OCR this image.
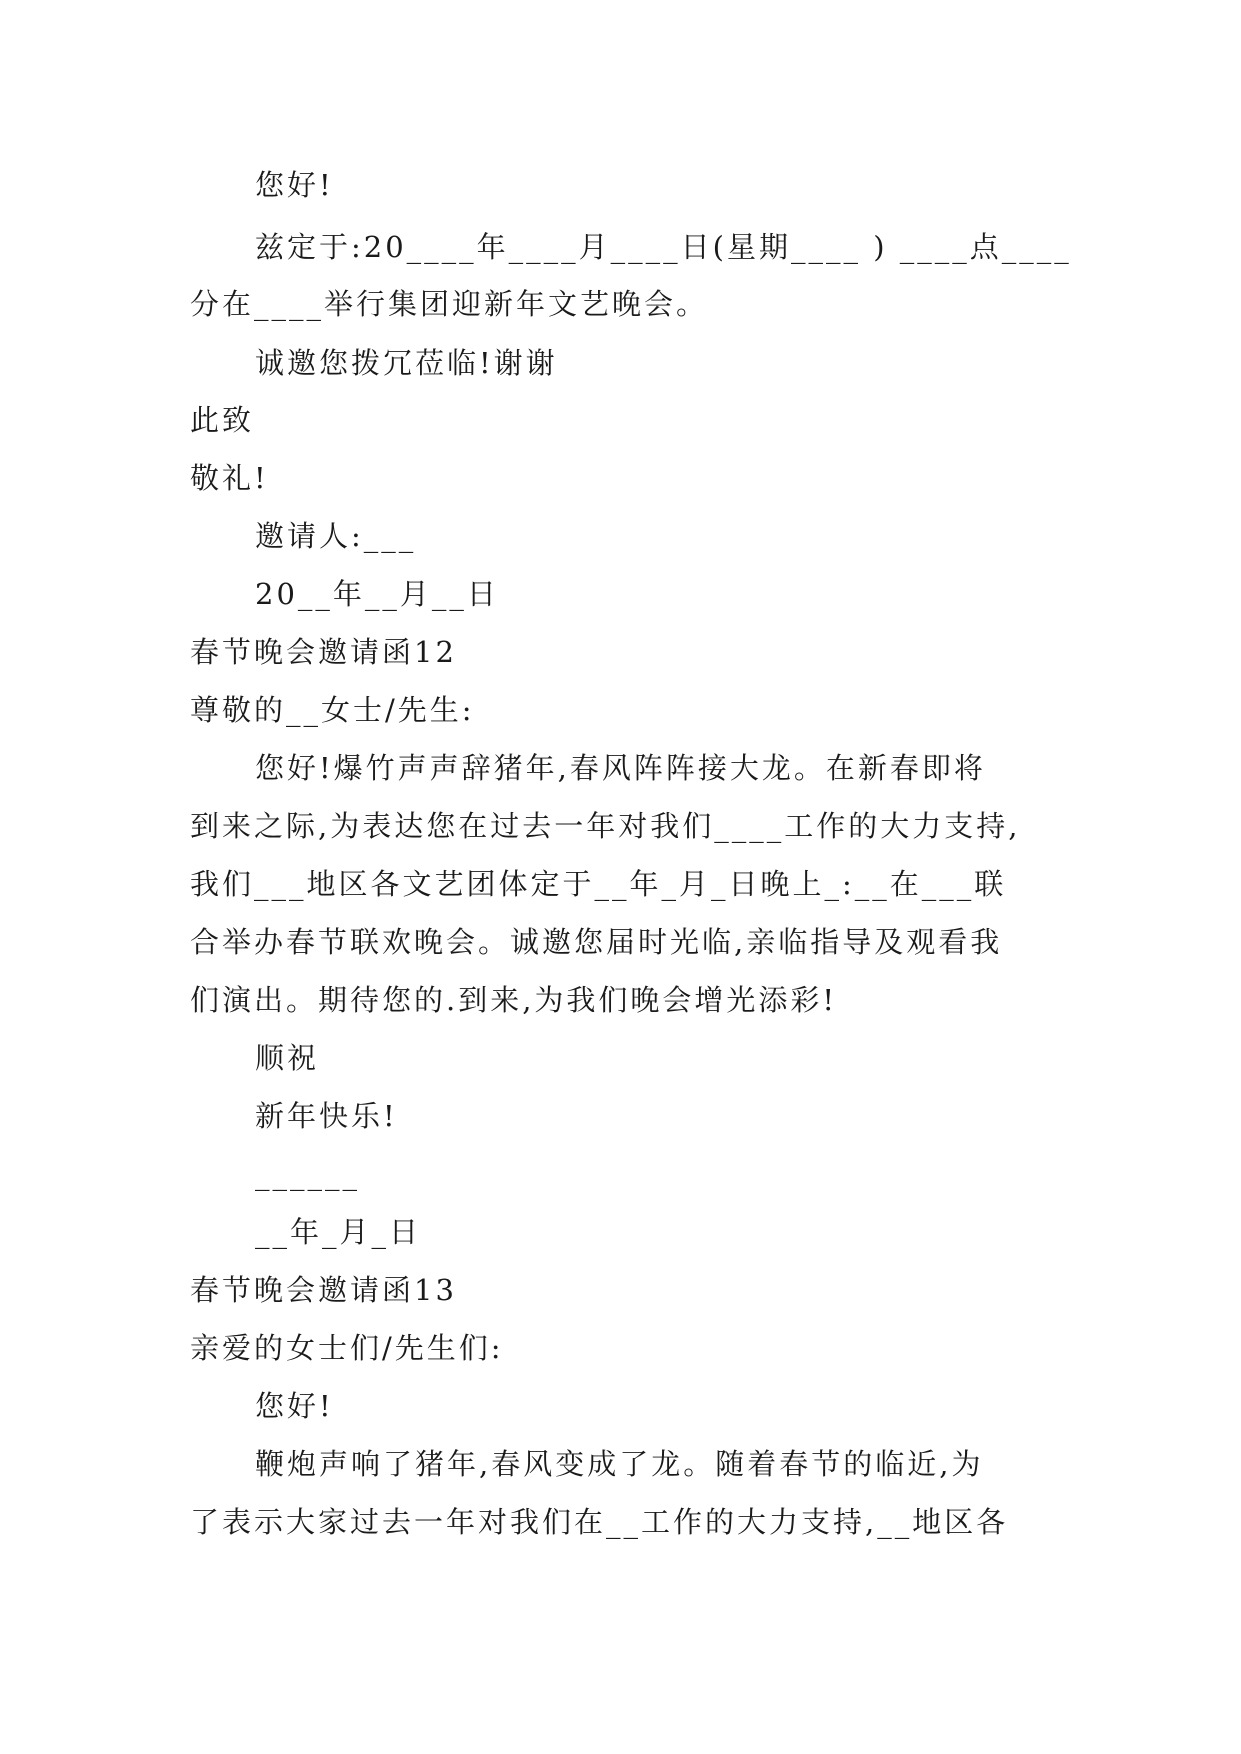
您好!
兹定于:20____年____月____日(星期____ ) ____点____
分在____举行集团迎新年文艺晚会。
诚邀您拨冗莅临!谢谢
此致
敬礼!
邀请人:___
20__年__月__日
春节晚会邀请函12
尊敬的__女士/先生:
您好!爆竹声声辞猪年,春风阵阵接大龙。在新春即将
到来之际,为表达您在过去一年对我们____工作的大力支持,
我们___地区各文艺团体定于__年_月_日晚上_:__在___联
合举办春节联欢晚会。诚邀您届时光临,亲临指导及观看我
们演出。期待您的.到来,为我们晚会增光添彩!
顺祝
新年快乐!
______
__年_月_日
春节晚会邀请函13
亲爱的女士们/先生们:
您好!
鞭炮声响了猪年,春风变成了龙。随着春节的临近,为
了表示大家过去一年对我们在__工作的大力支持,__地区各
